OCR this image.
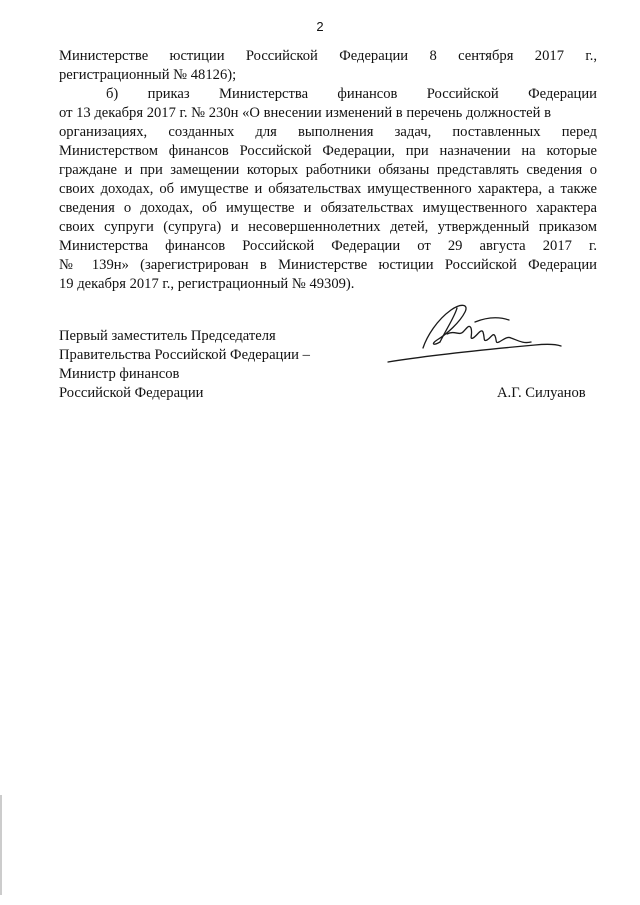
2
Министерстве юстиции Российской Федерации 8 сентября 2017 г.,
регистрационный № 48126);
б) приказ Министерства финансов Российской Федерации
от 13 декабря 2017 г. № 230н «О внесении изменений в перечень должностей в
организациях, созданных для выполнения задач, поставленных перед
Министерством финансов Российской Федерации, при назначении на которые
граждане и при замещении которых работники обязаны представлять сведения о
своих доходах, об имуществе и обязательствах имущественного характера, а также
сведения о доходах, об имуществе и обязательствах имущественного характера
своих супруги (супруга) и несовершеннолетних детей, утвержденный приказом
Министерства финансов Российской Федерации от 29 августа 2017 г.
№ 139н» (зарегистрирован в Министерстве юстиции Российской Федерации
19 декабря 2017 г., регистрационный № 49309).
Первый заместитель Председателя
Правительства Российской Федерации –
Министр финансов
Российской Федерации	А.Г. Силуанов
